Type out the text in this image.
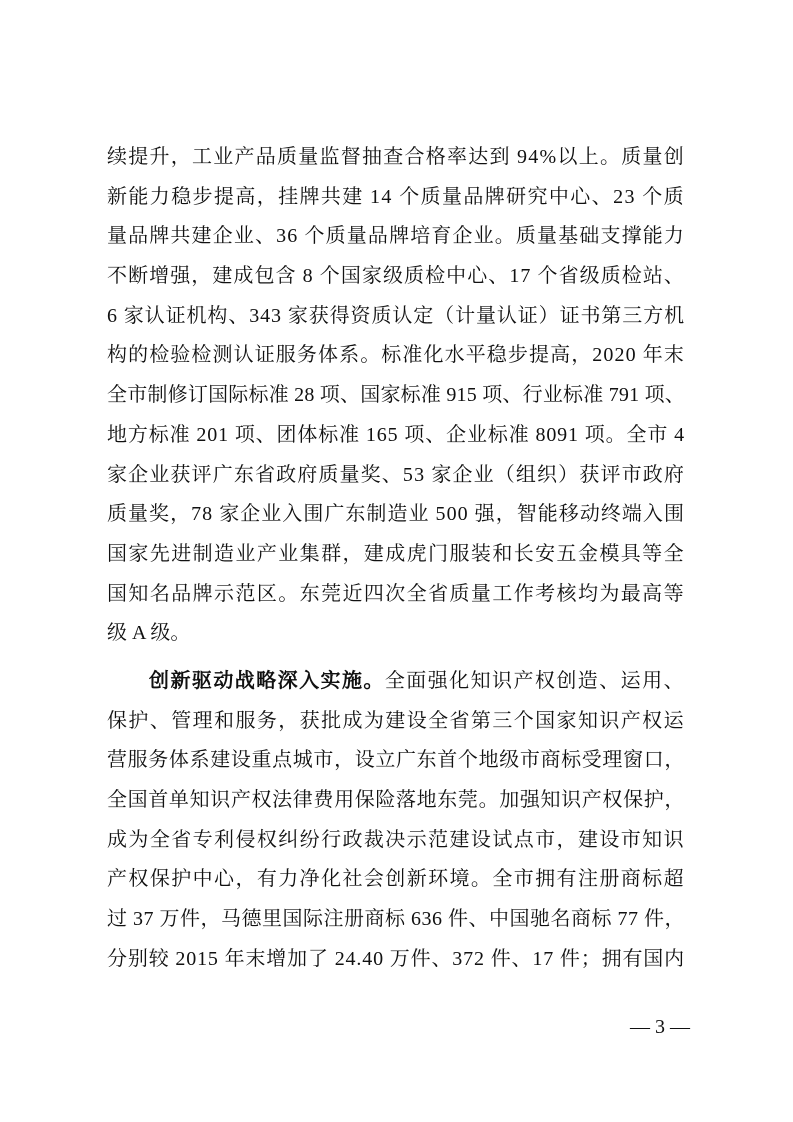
续提升，工业产品质量监督抽查合格率达到 94%以上。质量创
新能力稳步提高，挂牌共建 14 个质量品牌研究中心、23 个质
量品牌共建企业、36 个质量品牌培育企业。质量基础支撑能力
不断增强，建成包含 8 个国家级质检中心、17 个省级质检站、
6 家认证机构、343 家获得资质认定（计量认证）证书第三方机
构的检验检测认证服务体系。标准化水平稳步提高，2020 年末
全市制修订国际标准 28 项、国家标准 915 项、行业标准 791 项、
地方标准 201 项、团体标准 165 项、企业标准 8091 项。全市 4
家企业获评广东省政府质量奖、53 家企业（组织）获评市政府
质量奖，78 家企业入围广东制造业 500 强，智能移动终端入围
国家先进制造业产业集群，建成虎门服装和长安五金模具等全
国知名品牌示范区。东莞近四次全省质量工作考核均为最高等
级 A 级。

创新驱动战略深入实施。全面强化知识产权创造、运用、
保护、管理和服务，获批成为建设全省第三个国家知识产权运
营服务体系建设重点城市，设立广东首个地级市商标受理窗口，
全国首单知识产权法律费用保险落地东莞。加强知识产权保护，
成为全省专利侵权纠纷行政裁决示范建设试点市，建设市知识
产权保护中心，有力净化社会创新环境。全市拥有注册商标超
过 37 万件，马德里国际注册商标 636 件、中国驰名商标 77 件，
分别较 2015 年末增加了 24.40 万件、372 件、17 件；拥有国内

— 3 —
